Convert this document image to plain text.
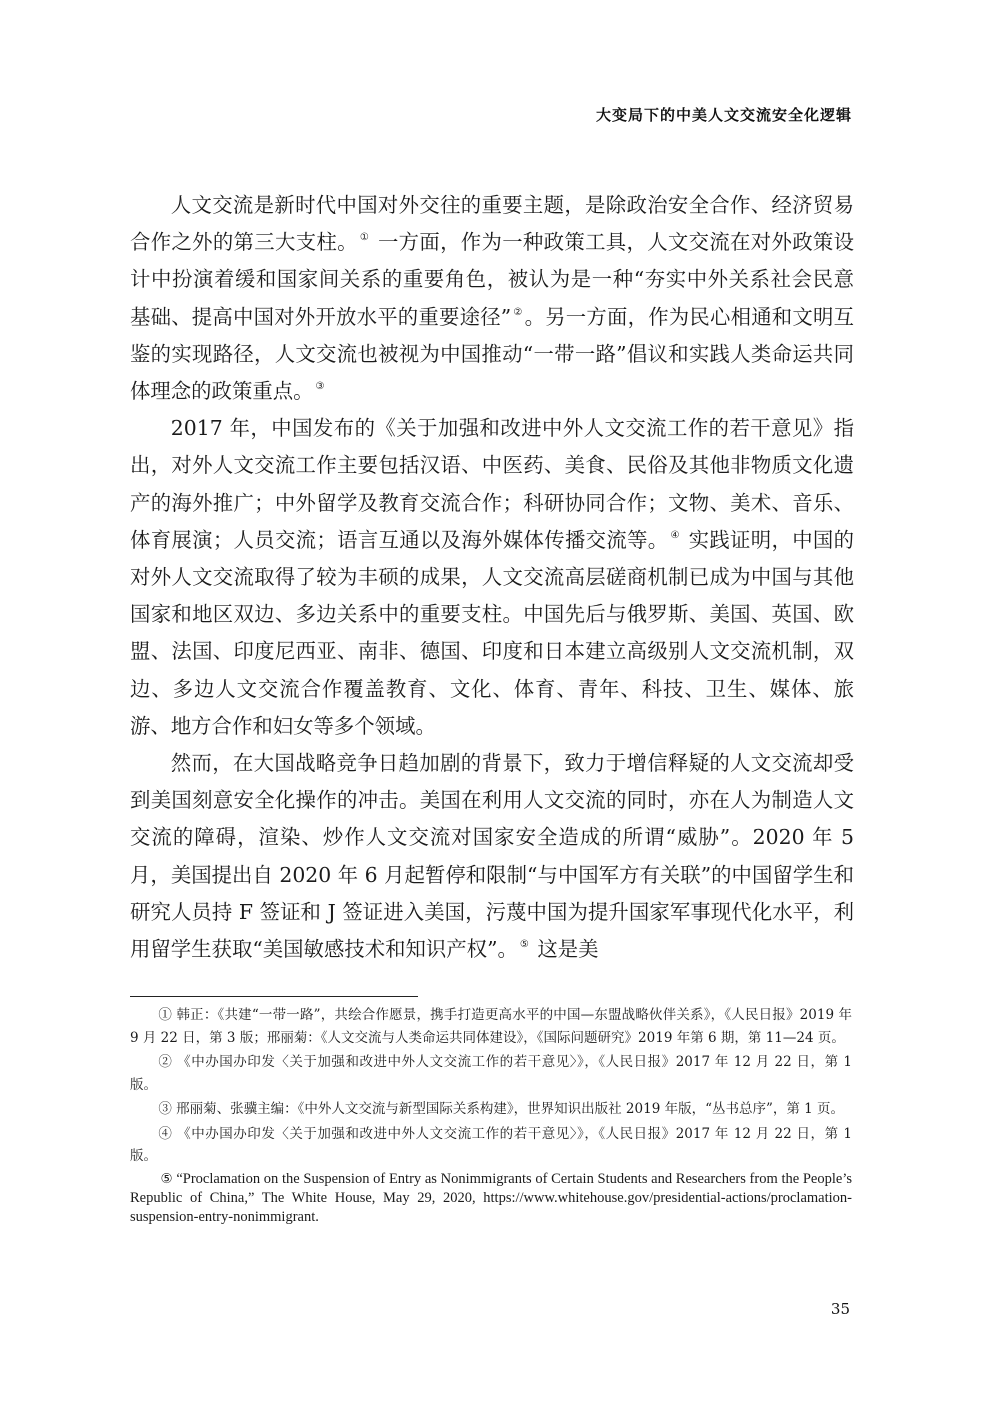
大变局下的中美人文交流安全化逻辑

人文交流是新时代中国对外交往的重要主题，是除政治安全合作、经济贸易合作之外的第三大支柱。 ① 一方面，作为一种政策工具，人文交流在对外政策设计中扮演着缓和国家间关系的重要角色，被认为是一种“夯实中外关系社会民意基础、提高中国对外开放水平的重要途径” ②。另一方面，作为民心相通和文明互鉴的实现路径，人文交流也被视为中国推动“一带一路”倡议和实践人类命运共同体理念的政策重点。 ③

2017 年，中国发布的《关于加强和改进中外人文交流工作的若干意见》指出，对外人文交流工作主要包括汉语、中医药、美食、民俗及其他非物质文化遗产的海外推广；中外留学及教育交流合作；科研协同合作；文物、美术、音乐、体育展演；人员交流；语言互通以及海外媒体传播交流等。 ④ 实践证明，中国的对外人文交流取得了较为丰硕的成果，人文交流高层磋商机制已成为中国与其他国家和地区双边、多边关系中的重要支柱。中国先后与俄罗斯、美国、英国、欧盟、法国、印度尼西亚、南非、德国、印度和日本建立高级别人文交流机制，双边、多边人文交流合作覆盖教育、文化、体育、青年、科技、卫生、媒体、旅游、地方合作和妇女等多个领域。

然而，在大国战略竞争日趋加剧的背景下，致力于增信释疑的人文交流却受到美国刻意安全化操作的冲击。美国在利用人文交流的同时，亦在人为制造人文交流的障碍，渲染、炒作人文交流对国家安全造成的所谓“威胁”。2020 年 5 月，美国提出自 2020 年 6 月起暂停和限制“与中国军方有关联”的中国留学生和研究人员持 F 签证和 J 签证进入美国，污蔑中国为提升国家军事现代化水平，利用留学生获取“美国敏感技术和知识产权”。 ⑤ 这是美

① 韩正：《共建“一带一路”，共绘合作愿景，携手打造更高水平的中国—东盟战略伙伴关系》，《人民日报》2019 年 9 月 22 日，第 3 版；邢丽菊：《人文交流与人类命运共同体建设》，《国际问题研究》2019 年第 6 期，第 11—24 页。

② 《中办国办印发〈关于加强和改进中外人文交流工作的若干意见〉》，《人民日报》2017 年 12 月 22 日，第 1 版。

③ 邢丽菊、张骥主编：《中外人文交流与新型国际关系构建》，世界知识出版社 2019 年版，“丛书总序”，第 1 页。

④ 《中办国办印发〈关于加强和改进中外人文交流工作的若干意见〉》，《人民日报》2017 年 12 月 22 日，第 1 版。

⑤ “Proclamation on the Suspension of Entry as Nonimmigrants of Certain Students and Researchers from the People’s Republic of China,” The White House, May 29, 2020, https://www.whitehouse.gov/presidential-actions/proclamation-suspension-entry-nonimmigrant.

35
